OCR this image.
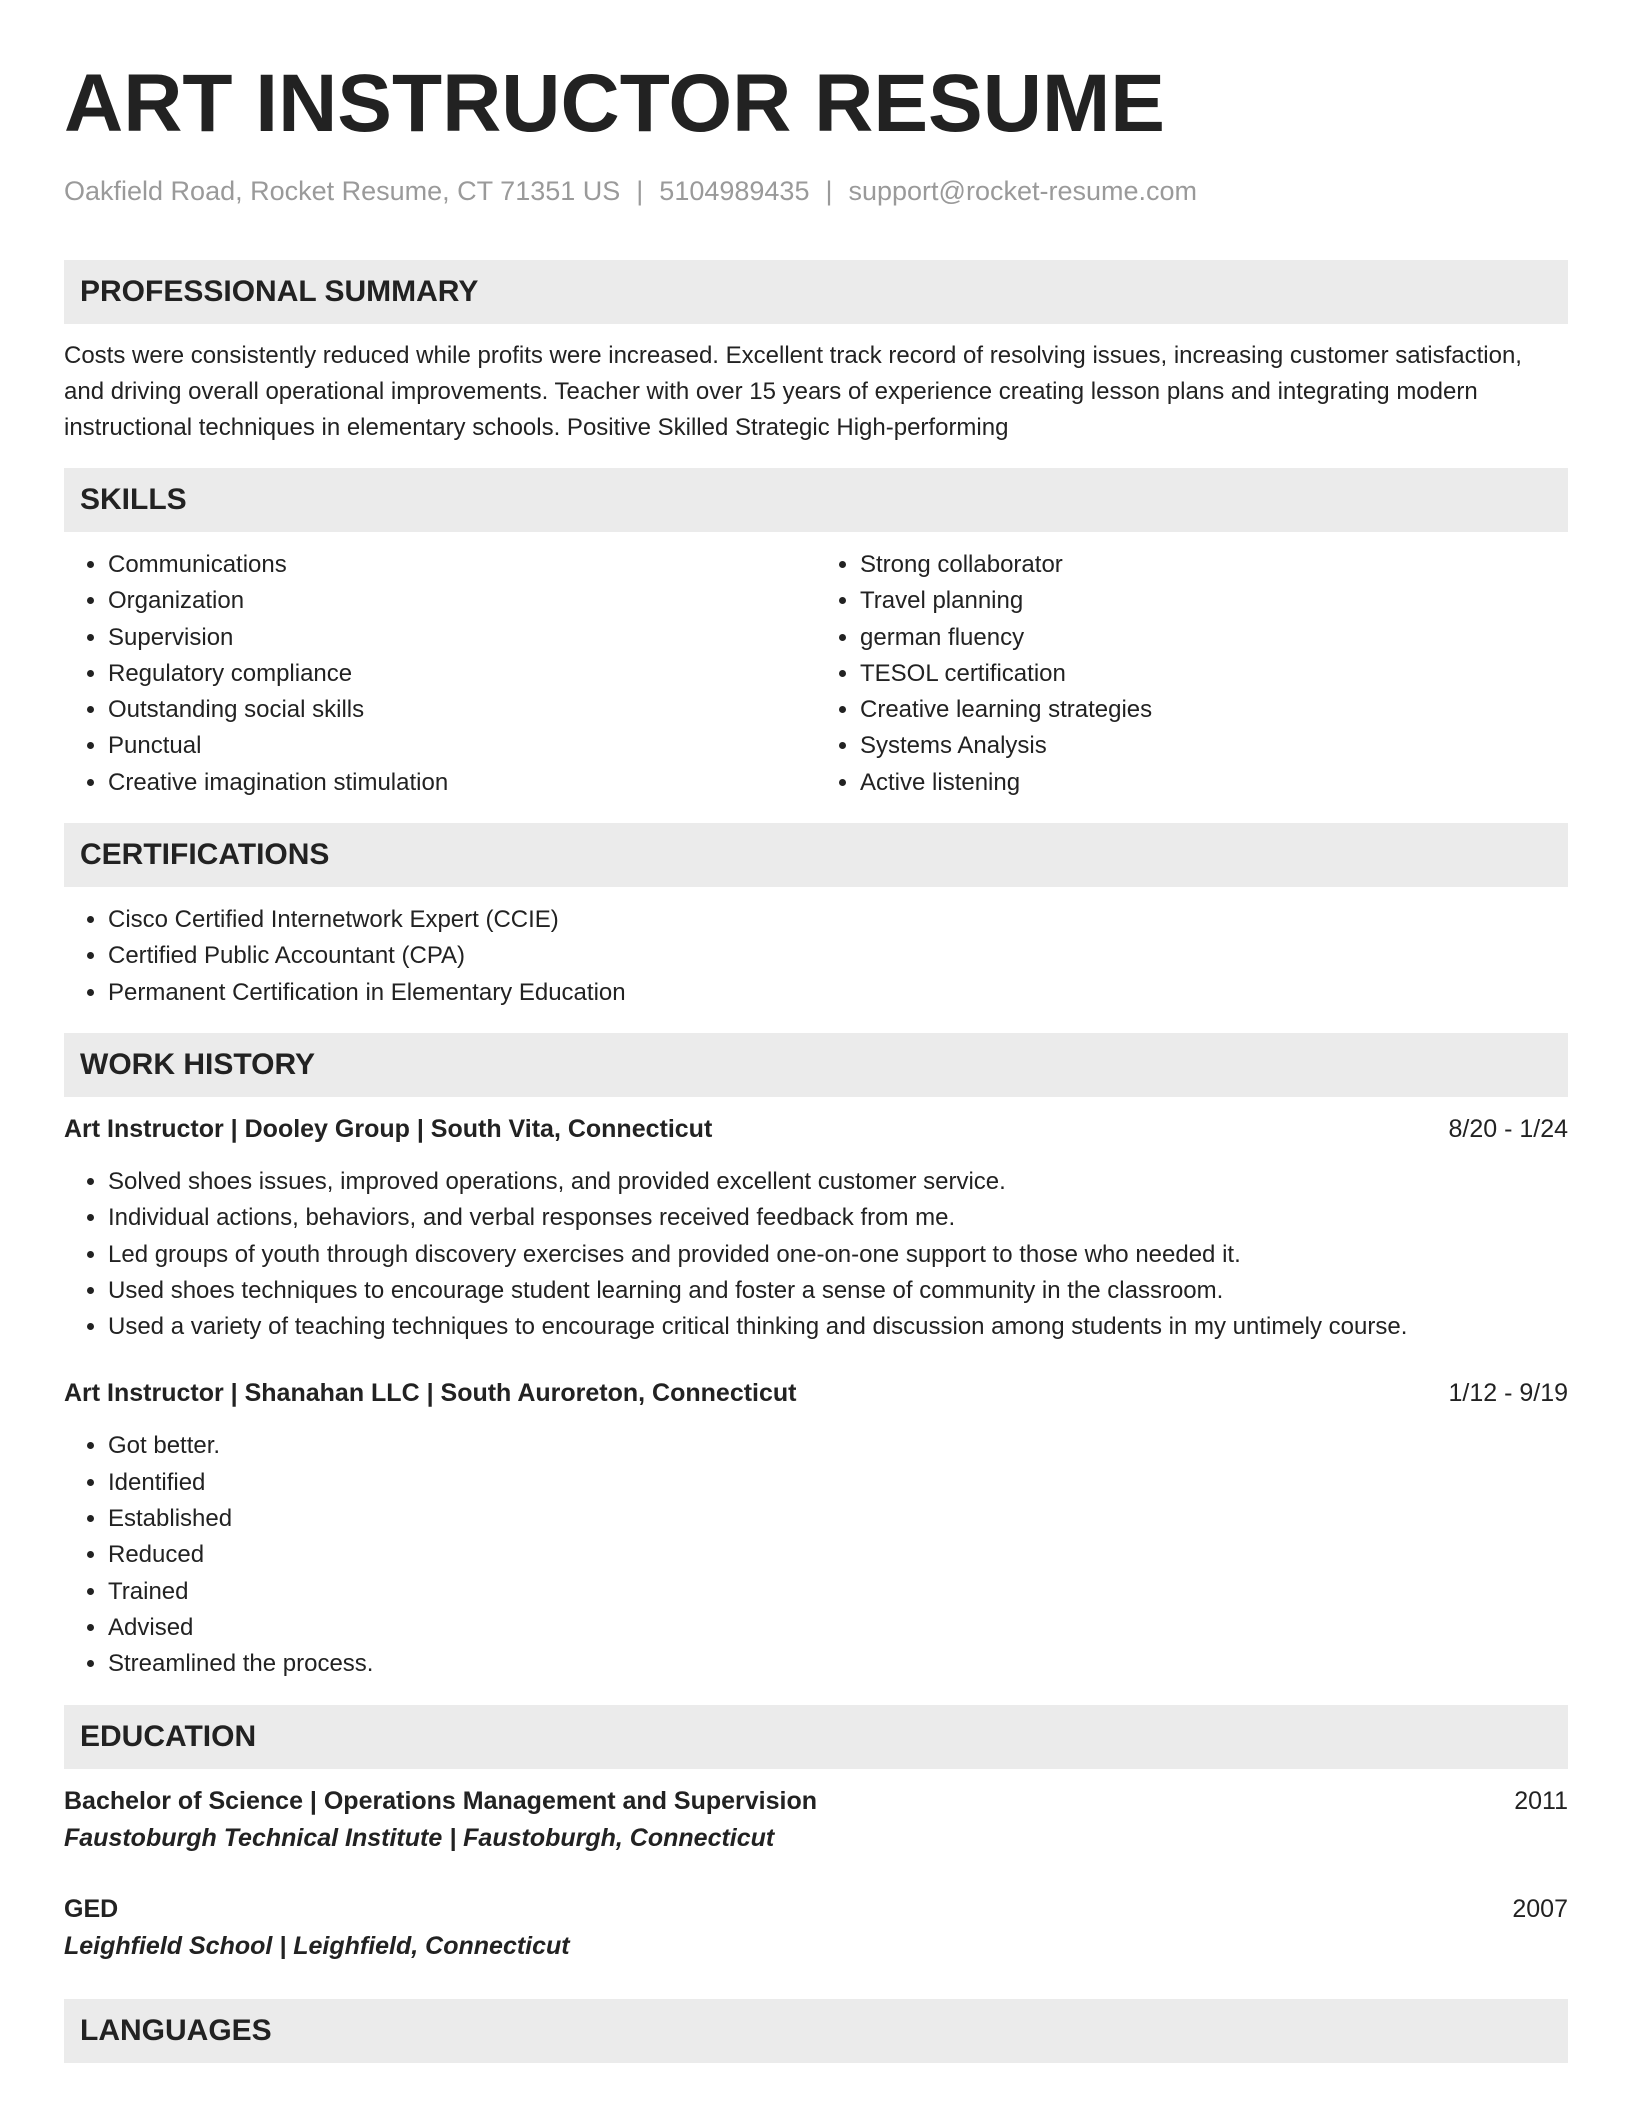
ART INSTRUCTOR RESUME
Oakfield Road, Rocket Resume, CT 71351 US | 5104989435 | support@rocket-resume.com
PROFESSIONAL SUMMARY

Costs were consistently reduced while profits were increased. Excellent track record of resolving issues, increasing customer satisfaction, and driving overall operational improvements. Teacher with over 15 years of experience creating lesson plans and integrating modern instructional techniques in elementary schools. Positive Skilled Strategic High-performing

SKILLS
• Communications
• Organization
• Supervision
• Regulatory compliance
• Outstanding social skills
• Punctual
• Creative imagination stimulation
• Strong collaborator
• Travel planning
• german fluency
• TESOL certification
• Creative learning strategies
• Systems Analysis
• Active listening
CERTIFICATIONS
• Cisco Certified Internetwork Expert (CCIE)
• Certified Public Accountant (CPA)
• Permanent Certification in Elementary Education
WORK HISTORY
Art Instructor | Dooley Group | South Vita, Connecticut	8/20 - 1/24
• Solved shoes issues, improved operations, and provided excellent customer service.
• Individual actions, behaviors, and verbal responses received feedback from me.
• Led groups of youth through discovery exercises and provided one-on-one support to those who needed it.
• Used shoes techniques to encourage student learning and foster a sense of community in the classroom.
• Used a variety of teaching techniques to encourage critical thinking and discussion among students in my untimely course.
Art Instructor | Shanahan LLC | South Auroreton, Connecticut	1/12 - 9/19
• Got better.
• Identified
• Established
• Reduced
• Trained
• Advised
• Streamlined the process.
EDUCATION
Bachelor of Science | Operations Management and Supervision	2011
Faustoburgh Technical Institute | Faustoburgh, Connecticut
GED	2007
Leighfield School | Leighfield, Connecticut
LANGUAGES
